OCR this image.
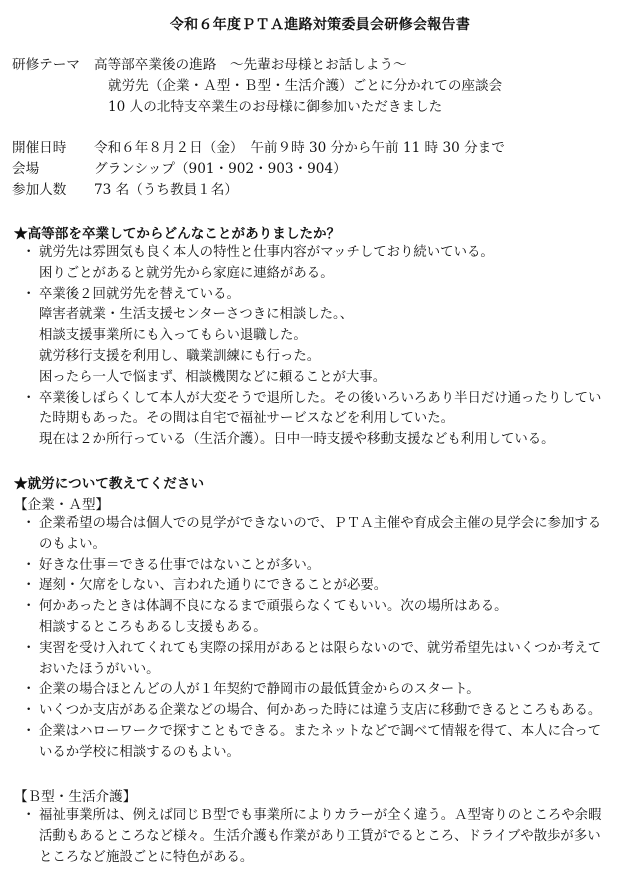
令和６年度ＰＴＡ進路対策委員会研修会報告書
研修テーマ 高等部卒業後の進路　～先輩お母様とお話しよう～
就労先（企業・Ａ型・Ｂ型・生活介護）ごとに分かれての座談会
10 人の北特支卒業生のお母様に御参加いただきました
開催日時 令和６年８月２日（金）　午前９時 30 分から午前 11 時 30 分まで
会場	グランシップ（901・902・903・904）
参加人数 73 名（うち教員１名）
★高等部を卒業してからどんなことがありましたか？
・ 就労先は雰囲気も良く本人の特性と仕事内容がマッチしており続いている。
困りごとがあると就労先から家庭に連絡がある。
・ 卒業後２回就労先を替えている。
障害者就業・生活支援センターさつきに相談した。、
相談支援事業所にも入ってもらい退職した。
就労移行支援を利用し、職業訓練にも行った。
困ったら一人で悩まず、相談機関などに頼ることが大事。
・ 卒業後しばらくして本人が大変そうで退所した。その後いろいろあり半日だけ通ったりしてい
た時期もあった。その間は自宅で福祉サービスなどを利用していた。
現在は２か所行っている（生活介護）。日中一時支援や移動支援なども利用している。
★就労について教えてください
【企業・Ａ型】
・ 企業希望の場合は個人での見学ができないので、ＰＴＡ主催や育成会主催の見学会に参加する
のもよい。
・ 好きな仕事＝できる仕事ではないことが多い。
・ 遅刻・欠席をしない、言われた通りにできることが必要。
・ 何かあったときは体調不良になるまで頑張らなくてもいい。次の場所はある。
相談するところもあるし支援もある。
・ 実習を受け入れてくれても実際の採用があるとは限らないので、就労希望先はいくつか考えて
おいたほうがいい。
・ 企業の場合ほとんどの人が１年契約で静岡市の最低賃金からのスタート。
・ いくつか支店がある企業などの場合、何かあった時には違う支店に移動できるところもある。
・ 企業はハローワークで探すこともできる。またネットなどで調べて情報を得て、本人に合って
いるか学校に相談するのもよい。
【Ｂ型・生活介護】
・ 福祉事業所は、例えば同じＢ型でも事業所によりカラーが全く違う。Ａ型寄りのところや余暇
活動もあるところなど様々。生活介護も作業があり工賃がでるところ、ドライブや散歩が多い
ところなど施設ごとに特色がある。
